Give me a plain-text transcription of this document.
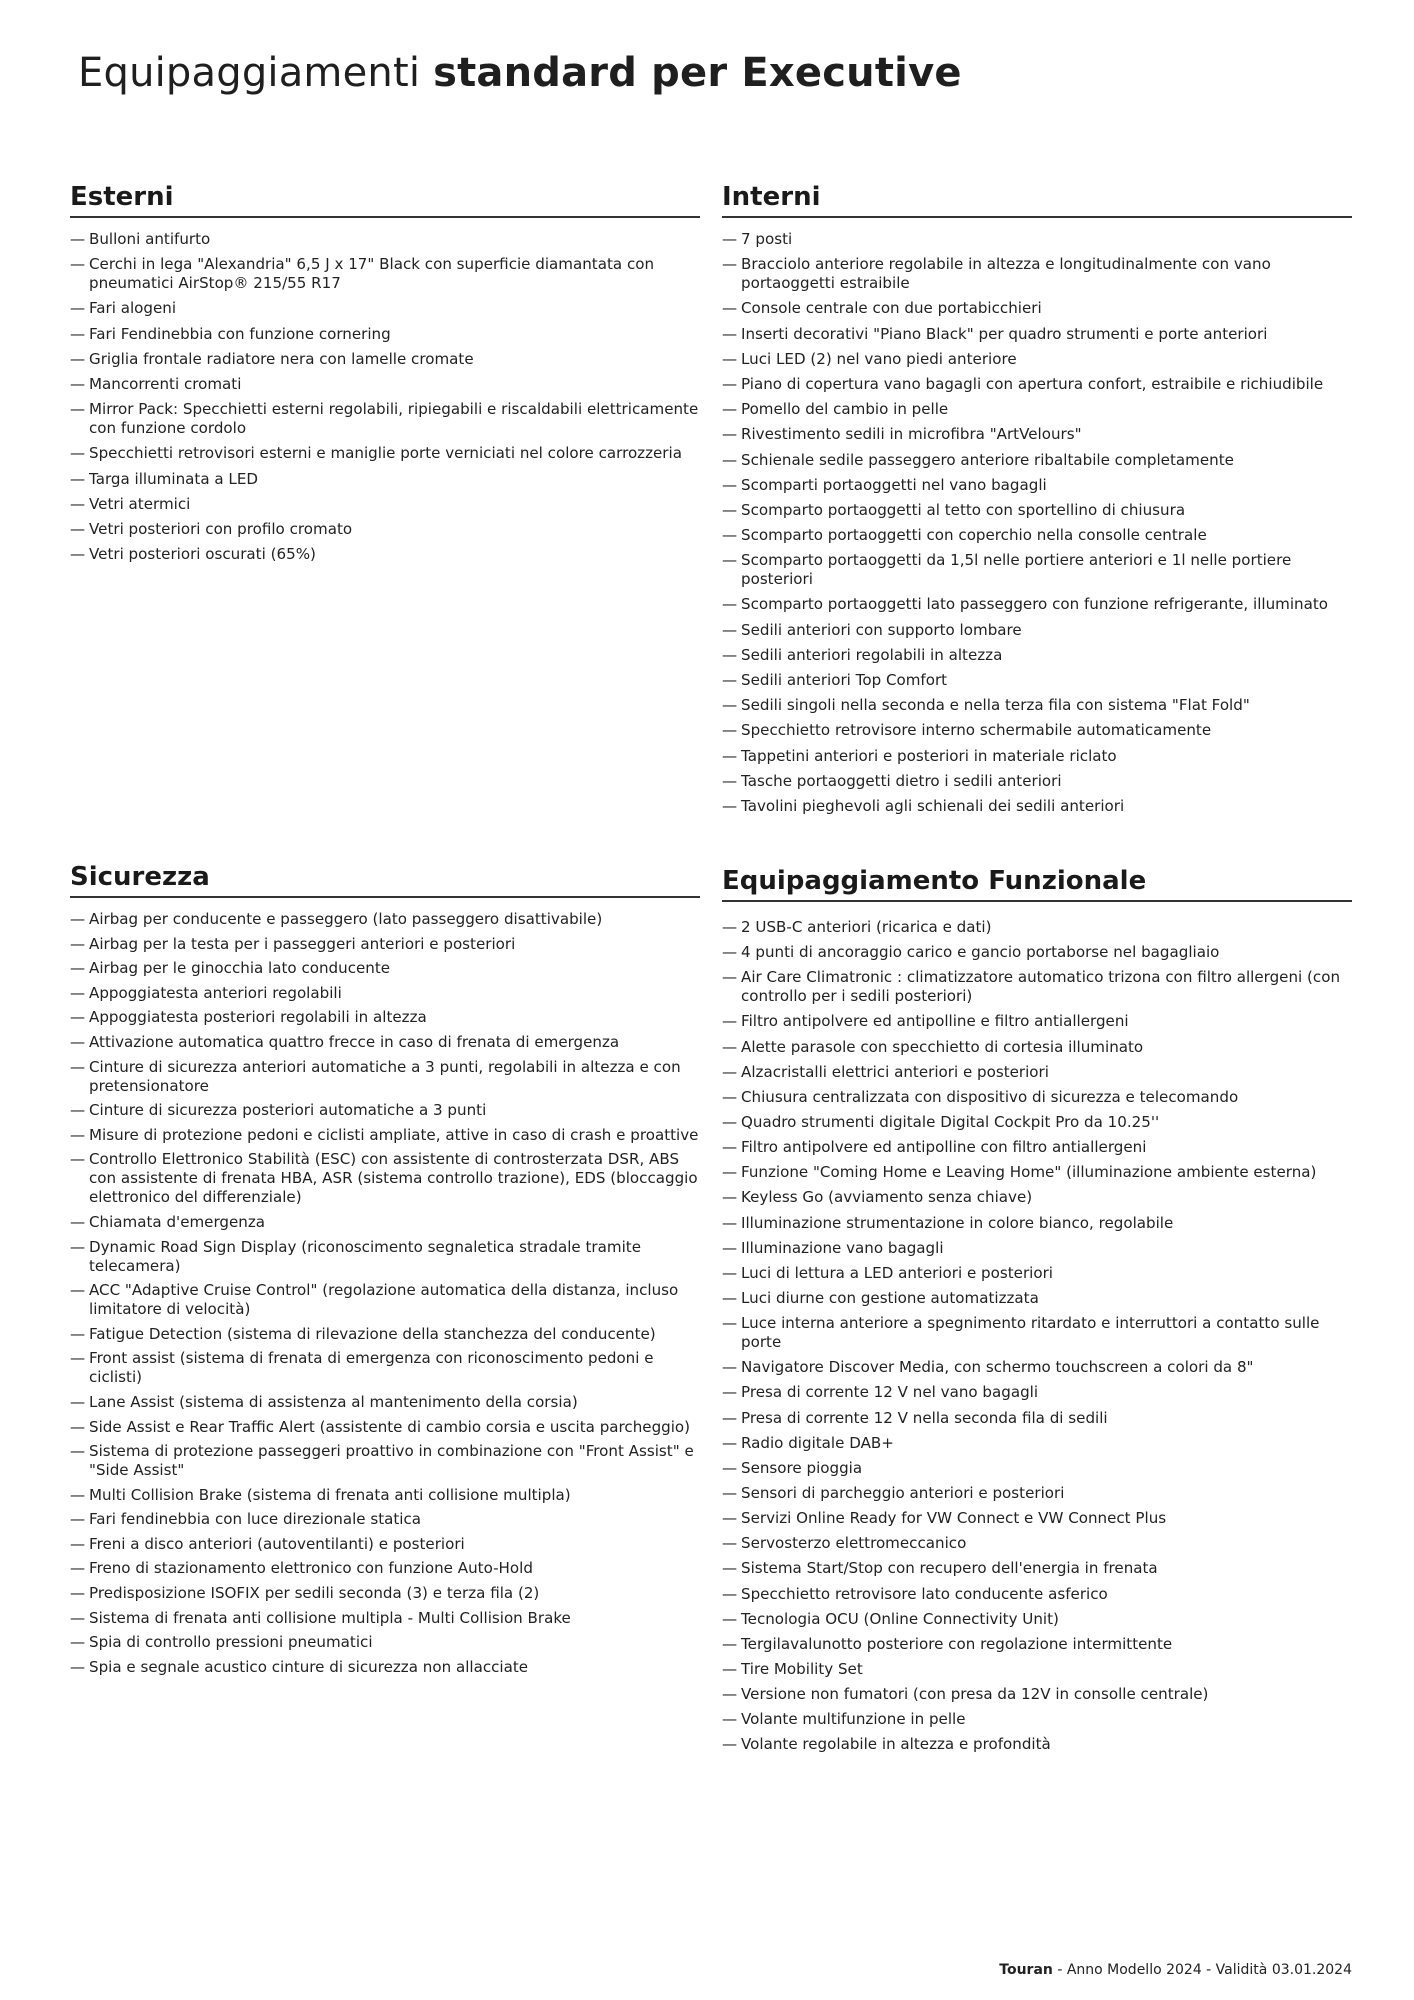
Equipaggiamenti standard per Executive
Esterni
— Bulloni antifurto
— Cerchi in lega "Alexandria" 6,5 J x 17" Black con superficie diamantata con pneumatici AirStop® 215/55 R17
— Fari alogeni
— Fari Fendinebbia con funzione cornering
— Griglia frontale radiatore nera con lamelle cromate
— Mancorrenti cromati
— Mirror Pack: Specchietti esterni regolabili, ripiegabili e riscaldabili elettricamente con funzione cordolo
— Specchietti retrovisori esterni e maniglie porte verniciati nel colore carrozzeria
— Targa illuminata a LED
— Vetri atermici
— Vetri posteriori con profilo cromato
— Vetri posteriori oscurati (65%)
Interni
— 7 posti
— Bracciolo anteriore regolabile in altezza e longitudinalmente con vano portaoggetti estraibile
— Console centrale con due portabicchieri
— Inserti decorativi "Piano Black" per quadro strumenti e porte anteriori
— Luci LED (2) nel vano piedi anteriore
— Piano di copertura vano bagagli con apertura confort, estraibile e richiudibile
— Pomello del cambio in pelle
— Rivestimento sedili in microfibra "ArtVelours"
— Schienale sedile passeggero anteriore ribaltabile completamente
— Scomparti portaoggetti nel vano bagagli
— Scomparto portaoggetti al tetto con sportellino di chiusura
— Scomparto portaoggetti con coperchio nella consolle centrale
— Scomparto portaoggetti da 1,5l nelle portiere anteriori e 1l nelle portiere posteriori
— Scomparto portaoggetti lato passeggero con funzione refrigerante, illuminato
— Sedili anteriori con supporto lombare
— Sedili anteriori regolabili in altezza
— Sedili anteriori Top Comfort
— Sedili singoli nella seconda e nella terza fila con sistema "Flat Fold"
— Specchietto retrovisore interno schermabile automaticamente
— Tappetini anteriori e posteriori in materiale riclato
— Tasche portaoggetti dietro i sedili anteriori
— Tavolini pieghevoli agli schienali dei sedili anteriori
Sicurezza
— Airbag per conducente e passeggero (lato passeggero disattivabile)
— Airbag per la testa per i passeggeri anteriori e posteriori
— Airbag per le ginocchia lato conducente
— Appoggiatesta anteriori regolabili
— Appoggiatesta posteriori regolabili in altezza
— Attivazione automatica quattro frecce in caso di frenata di emergenza
— Cinture di sicurezza anteriori automatiche a 3 punti, regolabili in altezza e con pretensionatore
— Cinture di sicurezza posteriori automatiche a 3 punti
— Misure di protezione pedoni e ciclisti ampliate, attive in caso di crash e proattive
— Controllo Elettronico Stabilità (ESC) con assistente di controsterzata DSR, ABS con assistente di frenata HBA, ASR (sistema controllo trazione), EDS (bloccaggio elettronico del differenziale)
— Chiamata d'emergenza
— Dynamic Road Sign Display (riconoscimento segnaletica stradale tramite telecamera)
— ACC "Adaptive Cruise Control" (regolazione automatica della distanza, incluso limitatore di velocità)
— Fatigue Detection (sistema di rilevazione della stanchezza del conducente)
— Front assist (sistema di frenata di emergenza con riconoscimento pedoni e ciclisti)
— Lane Assist (sistema di assistenza al mantenimento della corsia)
— Side Assist e Rear Traffic Alert (assistente di cambio corsia e uscita parcheggio)
— Sistema di protezione passeggeri proattivo in combinazione con "Front Assist" e "Side Assist"
— Multi Collision Brake (sistema di frenata anti collisione multipla)
— Fari fendinebbia con luce direzionale statica
— Freni a disco anteriori (autoventilanti) e posteriori
— Freno di stazionamento elettronico con funzione Auto-Hold
— Predisposizione ISOFIX per sedili seconda (3) e terza fila (2)
— Sistema di frenata anti collisione multipla - Multi Collision Brake
— Spia di controllo pressioni pneumatici
— Spia e segnale acustico cinture di sicurezza non allacciate
Equipaggiamento Funzionale
— 2 USB-C anteriori (ricarica e dati)
— 4 punti di ancoraggio carico e gancio portaborse nel bagagliaio
— Air Care Climatronic : climatizzatore automatico trizona con filtro allergeni (con controllo per i sedili posteriori)
— Filtro antipolvere ed antipolline e filtro antiallergeni
— Alette parasole con specchietto di cortesia illuminato
— Alzacristalli elettrici anteriori e posteriori
— Chiusura centralizzata con dispositivo di sicurezza e telecomando
— Quadro strumenti digitale Digital Cockpit Pro da 10.25''
— Filtro antipolvere ed antipolline con filtro antiallergeni
— Funzione "Coming Home e Leaving Home" (illuminazione ambiente esterna)
— Keyless Go (avviamento senza chiave)
— Illuminazione strumentazione in colore bianco, regolabile
— Illuminazione vano bagagli
— Luci di lettura a LED anteriori e posteriori
— Luci diurne con gestione automatizzata
— Luce interna anteriore a spegnimento ritardato e interruttori a contatto sulle porte
— Navigatore Discover Media, con schermo touchscreen a colori da 8"
— Presa di corrente 12 V nel vano bagagli
— Presa di corrente 12 V nella seconda fila di sedili
— Radio digitale DAB+
— Sensore pioggia
— Sensori di parcheggio anteriori e posteriori
— Servizi Online Ready for VW Connect e VW Connect Plus
— Servosterzo elettromeccanico
— Sistema Start/Stop con recupero dell'energia in frenata
— Specchietto retrovisore lato conducente asferico
— Tecnologia OCU (Online Connectivity Unit)
— Tergilavalunotto posteriore con regolazione intermittente
— Tire Mobility Set
— Versione non fumatori (con presa da 12V in consolle centrale)
— Volante multifunzione in pelle
— Volante regolabile in altezza e profondità
Touran - Anno Modello 2024 - Validità 03.01.2024
